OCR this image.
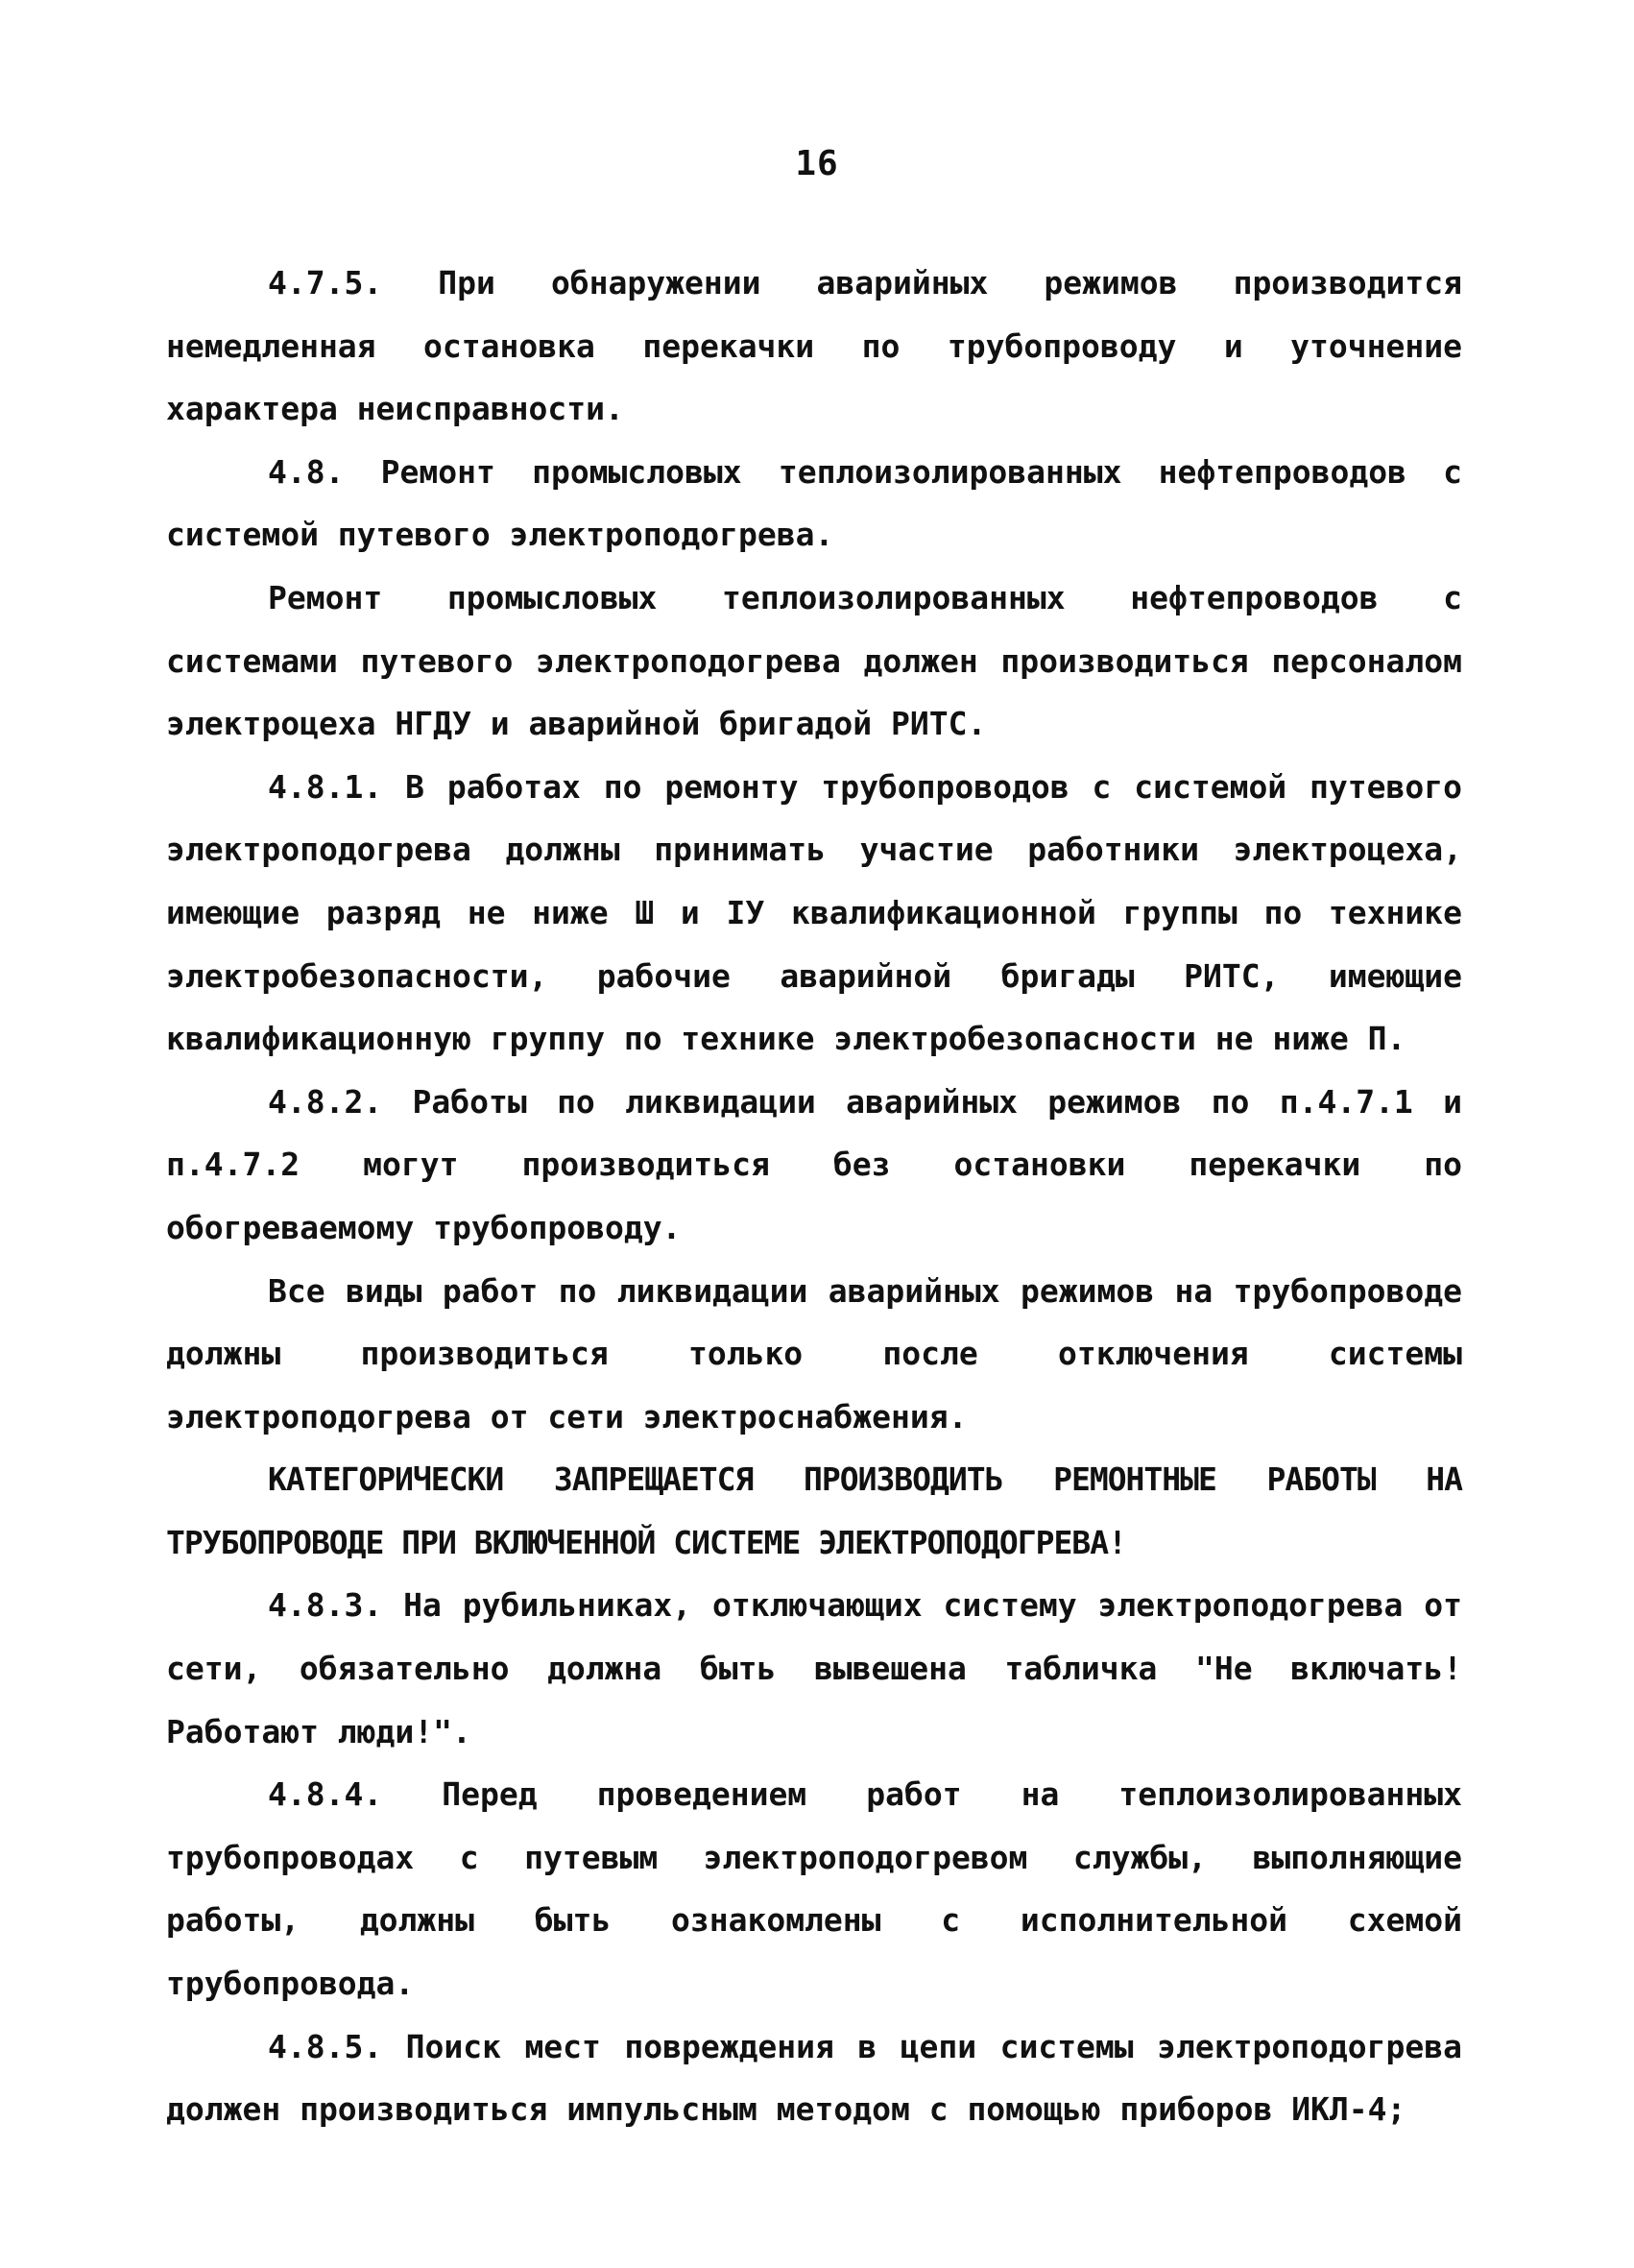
16

4.7.5. При обнаружении аварийных режимов производится немедленная остановка перекачки по трубопроводу и уточнение характера неисправности.

4.8. Ремонт промысловых теплоизолированных нефтепроводов с системой путевого электроподогрева.

Ремонт промысловых теплоизолированных нефтепроводов с системами путевого электроподогрева должен производиться персоналом электроцеха НГДУ и аварийной бригадой РИТС.

4.8.1. В работах по ремонту трубопроводов с системой путевого электроподогрева должны принимать участие работники электроцеха, имеющие разряд не ниже Ш и IУ квалификационной группы по технике электробезопасности, рабочие аварийной бригады РИТС, имеющие квалификационную группу по технике электробезопасности не ниже П.

4.8.2. Работы по ликвидации аварийных режимов по п.4.7.1 и п.4.7.2 могут производиться без остановки перекачки по обогреваемому трубопроводу.

Все виды работ по ликвидации аварийных режимов на трубопроводе должны производиться только после отключения системы электроподогрева от сети электроснабжения.

КАТЕГОРИЧЕСКИ ЗАПРЕЩАЕТСЯ ПРОИЗВОДИТЬ РЕМОНТНЫЕ РАБОТЫ НА ТРУБОПРОВОДЕ ПРИ ВКЛЮЧЕННОЙ СИСТЕМЕ ЭЛЕКТРОПОДОГРЕВА!

4.8.3. На рубильниках, отключающих систему электроподогрева от сети, обязательно должна быть вывешена табличка "Не включать! Работают люди!".

4.8.4. Перед проведением работ на теплоизолированных трубопроводах с путевым электроподогревом службы, выполняющие работы, должны быть ознакомлены с исполнительной схемой трубопровода.

4.8.5. Поиск мест повреждения в цепи системы электроподогрева должен производиться импульсным методом с помощью приборов ИКЛ-4;
